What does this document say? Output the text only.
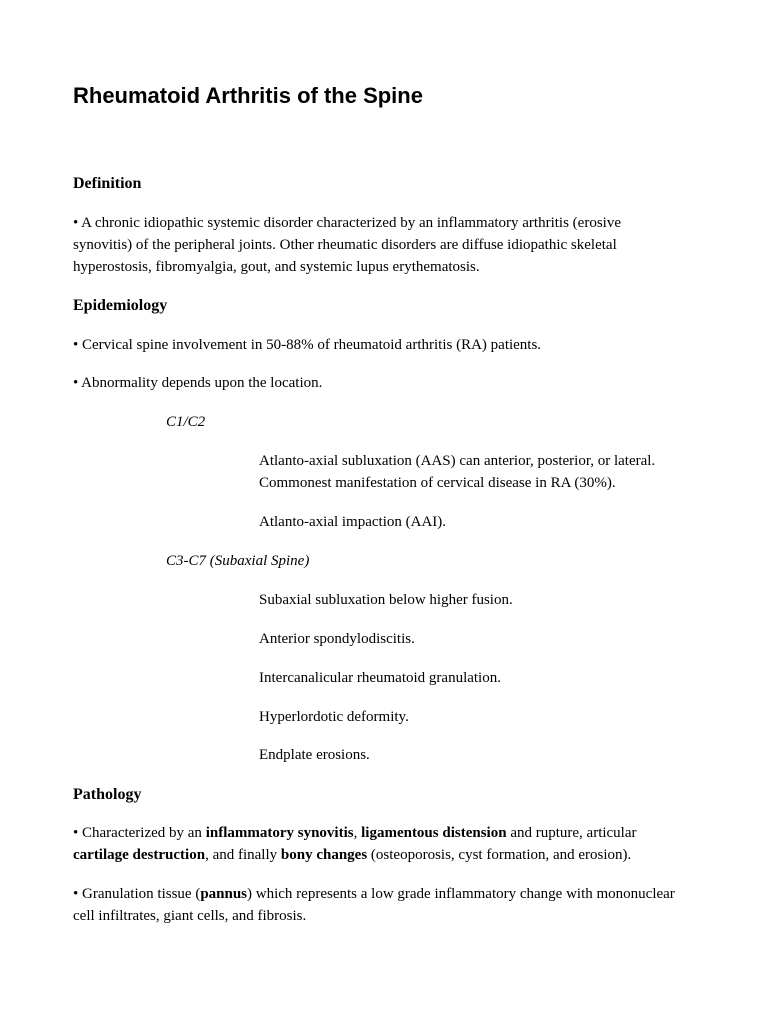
Rheumatoid Arthritis of the Spine
Definition

• A chronic idiopathic systemic disorder characterized by an inflammatory arthritis (erosive
synovitis) of the peripheral joints. Other rheumatic disorders are diffuse idiopathic skeletal
hyperostosis, fibromyalgia, gout, and systemic lupus erythematosis.

Epidemiology

• Cervical spine involvement in 50-88% of rheumatoid arthritis (RA) patients.

• Abnormality depends upon the location.

C1/C2

Atlanto-axial subluxation (AAS) can anterior, posterior, or lateral.
Commonest manifestation of cervical disease in RA (30%).

Atlanto-axial impaction (AAI).

C3-C7 (Subaxial Spine)

Subaxial subluxation below higher fusion.

Anterior spondylodiscitis.

Intercanalicular rheumatoid granulation.

Hyperlordotic deformity.

Endplate erosions.

Pathology

• Characterized by an inflammatory synovitis, ligamentous distension and rupture, articular
cartilage destruction, and finally bony changes (osteoporosis, cyst formation, and erosion).

• Granulation tissue (pannus) which represents a low grade inflammatory change with mononuclear
cell infiltrates, giant cells, and fibrosis.
